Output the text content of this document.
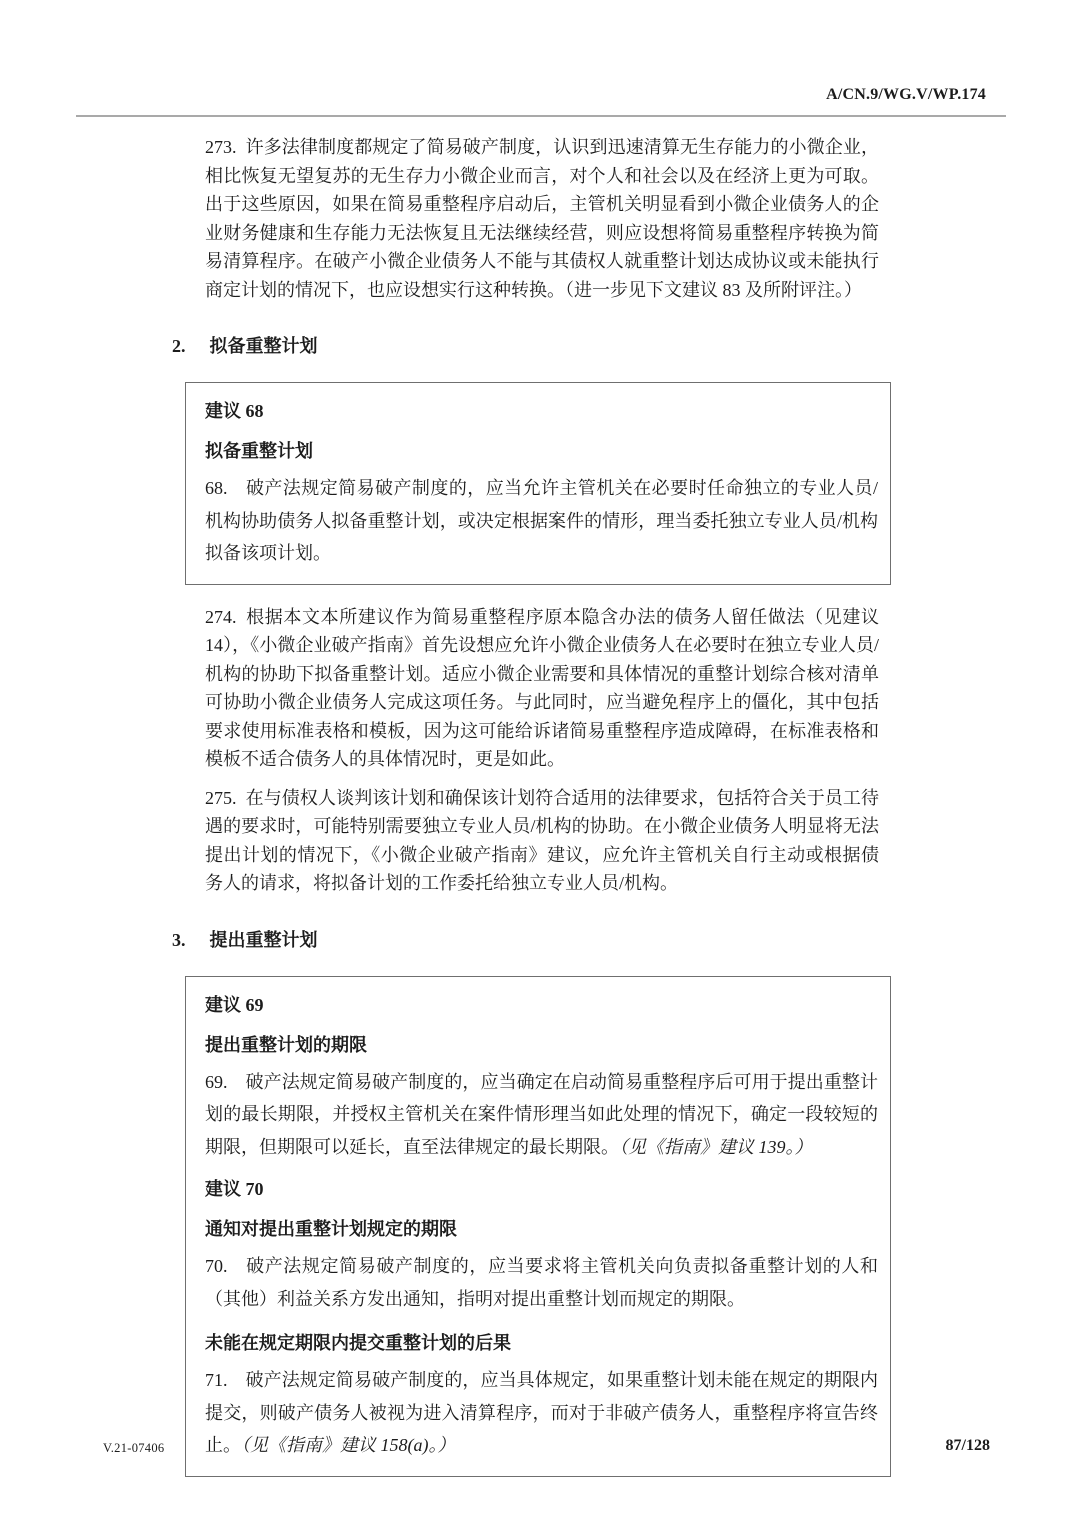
A/CN.9/WG.V/WP.174

273. 许多法律制度都规定了简易破产制度，认识到迅速清算无生存能力的小微企业，相比恢复无望复苏的无生存力小微企业而言，对个人和社会以及在经济上更为可取。出于这些原因，如果在简易重整程序启动后，主管机关明显看到小微企业债务人的企业财务健康和生存能力无法恢复且无法继续经营，则应设想将简易重整程序转换为简易清算程序。在破产小微企业债务人不能与其债权人就重整计划达成协议或未能执行商定计划的情况下，也应设想实行这种转换。（进一步见下文建议 83 及所附评注。）

2. 拟备重整计划

建议 68

拟备重整计划

68.  破产法规定简易破产制度的，应当允许主管机关在必要时任命独立的专业人员/机构协助债务人拟备重整计划，或决定根据案件的情形，理当委托独立专业人员/机构拟备该项计划。

274. 根据本文本所建议作为简易重整程序原本隐含办法的债务人留任做法（见建议 14），《小微企业破产指南》首先设想应允许小微企业债务人在必要时在独立专业人员/机构的协助下拟备重整计划。适应小微企业需要和具体情况的重整计划综合核对清单可协助小微企业债务人完成这项任务。与此同时，应当避免程序上的僵化，其中包括要求使用标准表格和模板，因为这可能给诉诸简易重整程序造成障碍，在标准表格和模板不适合债务人的具体情况时，更是如此。

275. 在与债权人谈判该计划和确保该计划符合适用的法律要求，包括符合关于员工待遇的要求时，可能特别需要独立专业人员/机构的协助。在小微企业债务人明显将无法提出计划的情况下，《小微企业破产指南》建议，应允许主管机关自行主动或根据债务人的请求，将拟备计划的工作委托给独立专业人员/机构。

3. 提出重整计划

建议 69

提出重整计划的期限

69.  破产法规定简易破产制度的，应当确定在启动简易重整程序后可用于提出重整计划的最长期限，并授权主管机关在案件情形理当如此处理的情况下，确定一段较短的期限，但期限可以延长，直至法律规定的最长期限。（见《指南》建议 139。）

建议 70

通知对提出重整计划规定的期限

70.  破产法规定简易破产制度的，应当要求将主管机关向负责拟备重整计划的人和（其他）利益关系方发出通知，指明对提出重整计划而规定的期限。

未能在规定期限内提交重整计划的后果

71.  破产法规定简易破产制度的，应当具体规定，如果重整计划未能在规定的期限内提交，则破产债务人被视为进入清算程序，而对于非破产债务人，重整程序将宣告终止。（见《指南》建议 158(a)。）

V.21-07406	87/128
